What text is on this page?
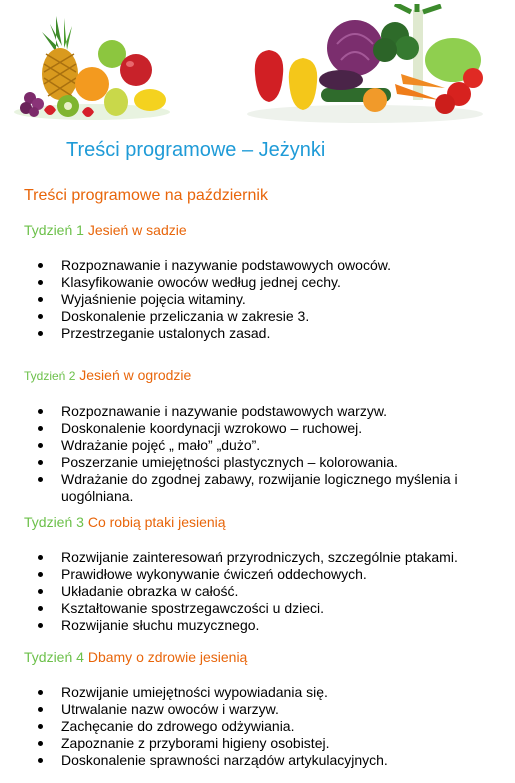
Treści programowe – Jeżynki
Treści programowe na październik
Tydzień 1 Jesień w sadzie
Rozpoznawanie i nazywanie podstawowych owoców.
Klasyfikowanie owoców według jednej cechy.
Wyjaśnienie pojęcia witaminy.
Doskonalenie przeliczania w zakresie 3.
Przestrzeganie ustalonych zasad.
Tydzień 2 Jesień w ogrodzie
Rozpoznawanie i nazywanie podstawowych warzyw.
Doskonalenie koordynacji wzrokowo – ruchowej.
Wdrażanie pojęć „ mało” „dużo”.
Poszerzanie umiejętności plastycznych – kolorowania.
Wdrażanie do zgodnej zabawy, rozwijanie logicznego myślenia i uogólniana.
Tydzień 3 Co robią ptaki jesienią
Rozwijanie zainteresowań przyrodniczych, szczególnie ptakami.
Prawidłowe wykonywanie ćwiczeń oddechowych.
Układanie obrazka w całość.
Kształtowanie spostrzegawczości u dzieci.
Rozwijanie słuchu muzycznego.
Tydzień 4 Dbamy o zdrowie jesienią
Rozwijanie umiejętności wypowiadania się.
Utrwalanie nazw owoców i warzyw.
Zachęcanie do zdrowego odżywiania.
Zapoznanie z przyborami higieny osobistej.
Doskonalenie sprawności narządów artykulacyjnych.
